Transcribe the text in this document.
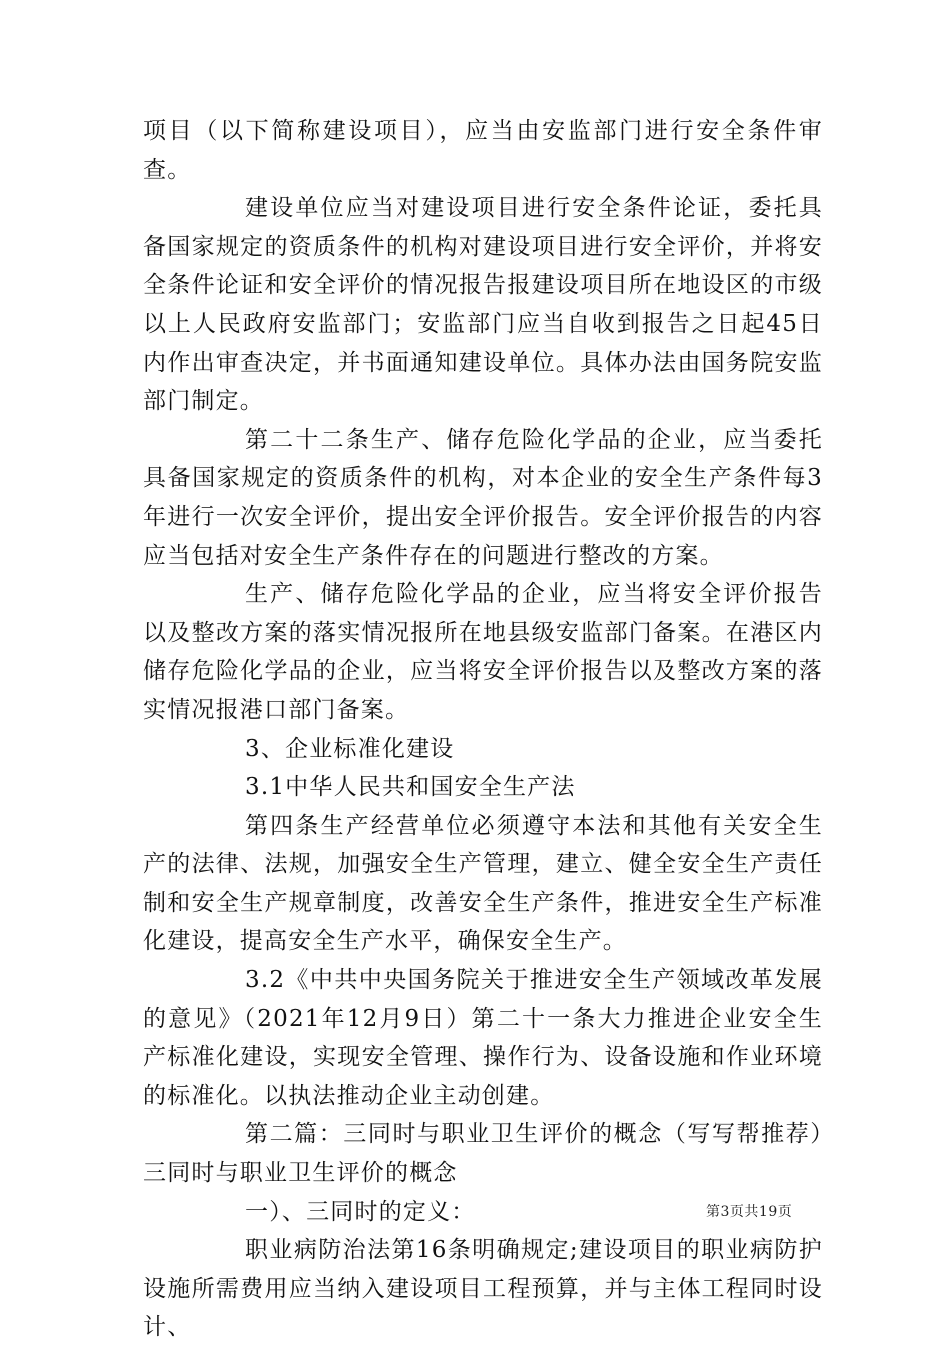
项目（以下简称建设项目），应当由安监部门进行安全条件审查。

建设单位应当对建设项目进行安全条件论证，委托具备国家规定的资质条件的机构对建设项目进行安全评价，并将安全条件论证和安全评价的情况报告报建设项目所在地设区的市级以上人民政府安监部门；安监部门应当自收到报告之日起45日内作出审查决定，并书面通知建设单位。具体办法由国务院安监部门制定。

第二十二条生产、储存危险化学品的企业，应当委托具备国家规定的资质条件的机构，对本企业的安全生产条件每3年进行一次安全评价，提出安全评价报告。安全评价报告的内容应当包括对安全生产条件存在的问题进行整改的方案。

生产、储存危险化学品的企业，应当将安全评价报告以及整改方案的落实情况报所在地县级安监部门备案。在港区内储存危险化学品的企业，应当将安全评价报告以及整改方案的落实情况报港口部门备案。

3、企业标准化建设

3.1中华人民共和国安全生产法

第四条生产经营单位必须遵守本法和其他有关安全生产的法律、法规，加强安全生产管理，建立、健全安全生产责任制和安全生产规章制度，改善安全生产条件，推进安全生产标准化建设，提高安全生产水平，确保安全生产。

3.2《中共中央国务院关于推进安全生产领域改革发展的意见》（2021年12月9日）第二十一条大力推进企业安全生产标准化建设，实现安全管理、操作行为、设备设施和作业环境的标准化。以执法推动企业主动创建。

第二篇：三同时与职业卫生评价的概念（写写帮推荐）三同时与职业卫生评价的概念

一）、三同时的定义：

职业病防治法第16条明确规定;建设项目的职业病防护设施所需费用应当纳入建设项目工程预算，并与主体工程同时设计、

第3页共19页
